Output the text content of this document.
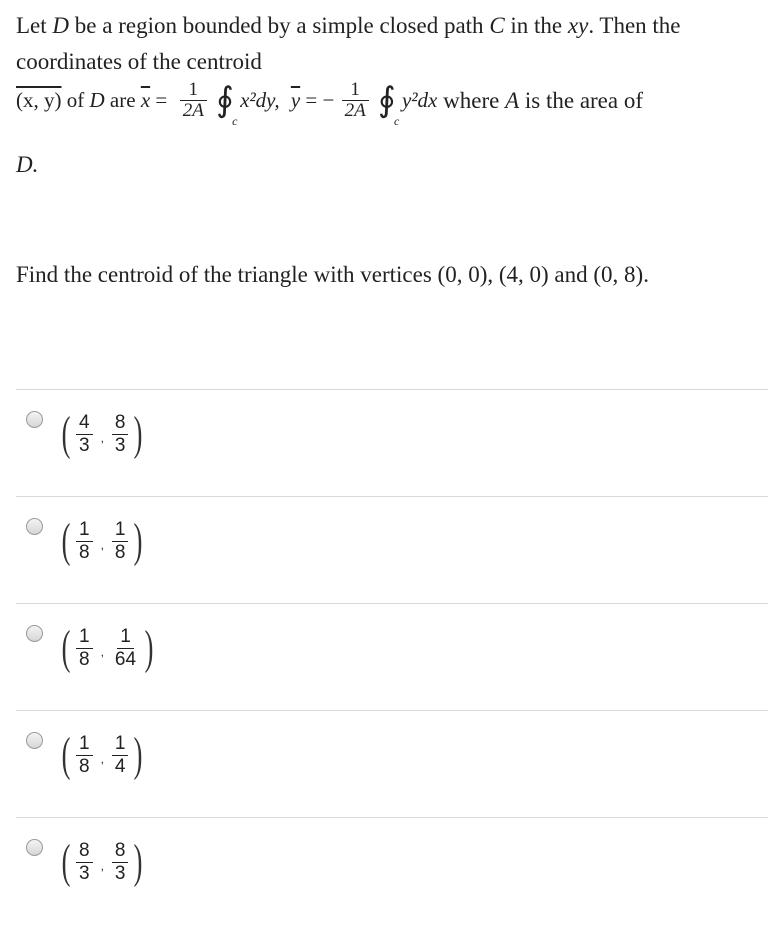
Let D be a region bounded by a simple closed path C in the xy. Then the
coordinates of the centroid
(x, y) of D are $\overline{x} = \frac{1}{2A}$ ∮
c
x²dy, $\overline{y}$ = − $\frac{1}{2A}$ ∮
c
y²dx where A is the area of
D.
Find the centroid of the triangle with vertices (0, 0), (4, 0) and (0, 8).
( $\frac{4}{3}$ , $\frac{8}{3}$ )
( $\frac{1}{8}$ , $\frac{1}{8}$ )
( $\frac{1}{8}$ , $\frac{1}{64}$ )
( $\frac{1}{8}$ , $\frac{1}{4}$ )
( $\frac{8}{3}$ , $\frac{8}{3}$ )
